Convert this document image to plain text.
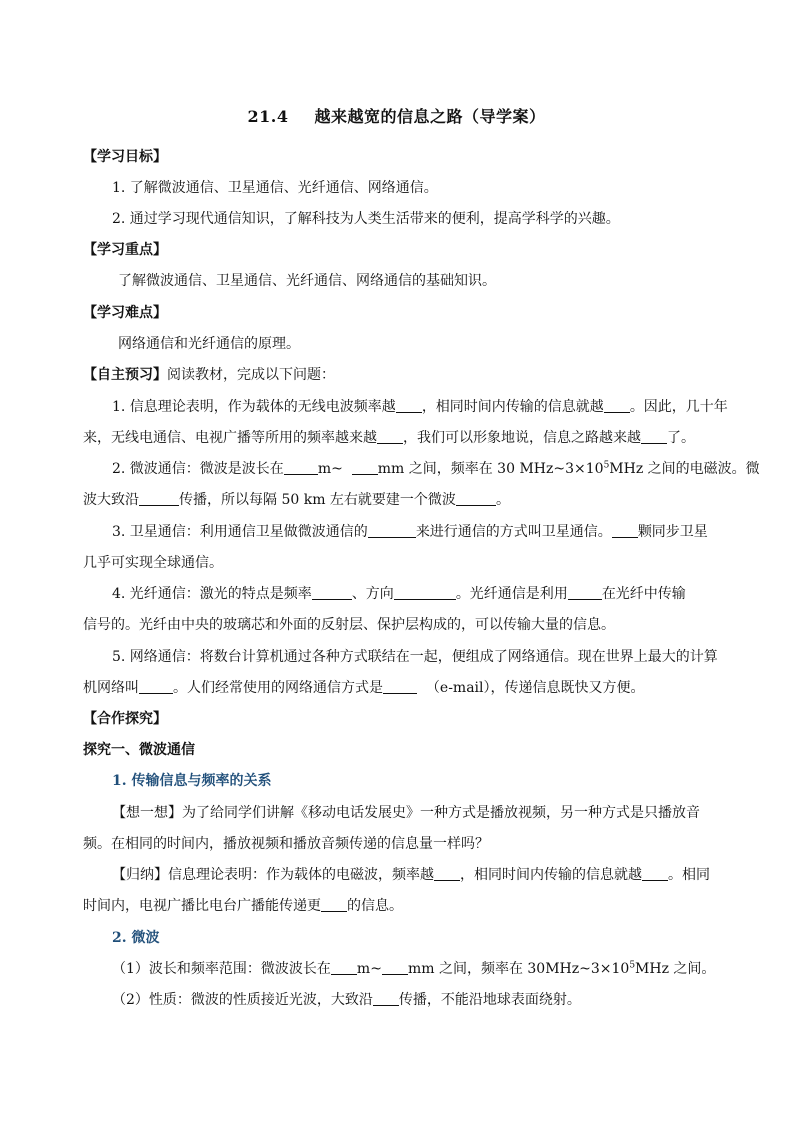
21.4 越来越宽的信息之路（导学案）
【学习目标】
1. 了解微波通信、卫星通信、光纤通信、网络通信。
2. 通过学习现代通信知识，了解科技为人类生活带来的便利，提高学科学的兴趣。
【学习重点】
了解微波通信、卫星通信、光纤通信、网络通信的基础知识。
【学习难点】
网络通信和光纤通信的原理。
【自主预习】阅读教材，完成以下问题：
1. 信息理论表明，作为载体的无线电波频率越 ，相同时间内传输的信息就越 。因此，几十年
来，无线电通信、电视广播等所用的频率越来越 ，我们可以形象地说，信息之路越来越 了。
2. 微波通信：微波是波长在 m~ mm 之间，频率在 30 $MHz\sim 3\times 10^5MHz$ 之间的电磁波。微
波大致沿	传播，所以每隔 50 km 左右就要建一个微波	。
3. 卫星通信：利用通信卫星做微波通信的	来进行通信的方式叫卫星通信。 颗同步卫星
几乎可实现全球通信。
4. 光纤通信：激光的特点是频率	、方向	。光纤通信是利用 在光纤中传输
信号的。光纤由中央的玻璃芯和外面的反射层、保护层构成的，可以传输大量的信息。
5. 网络通信：将数台计算机通过各种方式联结在一起，便组成了网络通信。现在世界上最大的计算
机网络叫 。人们经常使用的网络通信方式是	（e-mail），传递信息既快又方便。
【合作探究】
探究一、微波通信
1. 传输信息与频率的关系
【想一想】为了给同学们讲解《移动电话发展史》一种方式是播放视频，另一种方式是只播放音
频。在相同的时间内，播放视频和播放音频传递的信息量一样吗？
【归纳】信息理论表明：作为载体的电磁波，频率越 ，相同时间内传输的信息就越 。相同
时间内，电视广播比电台广播能传递更 的信息。
2. 微波
（1）波长和频率范围：微波波长在 m~ mm 之间，频率在 $30MHz\sim 3\times 10^5MHz$ 之间。
（2）性质：微波的性质接近光波，大致沿 传播，不能沿地球表面绕射。
